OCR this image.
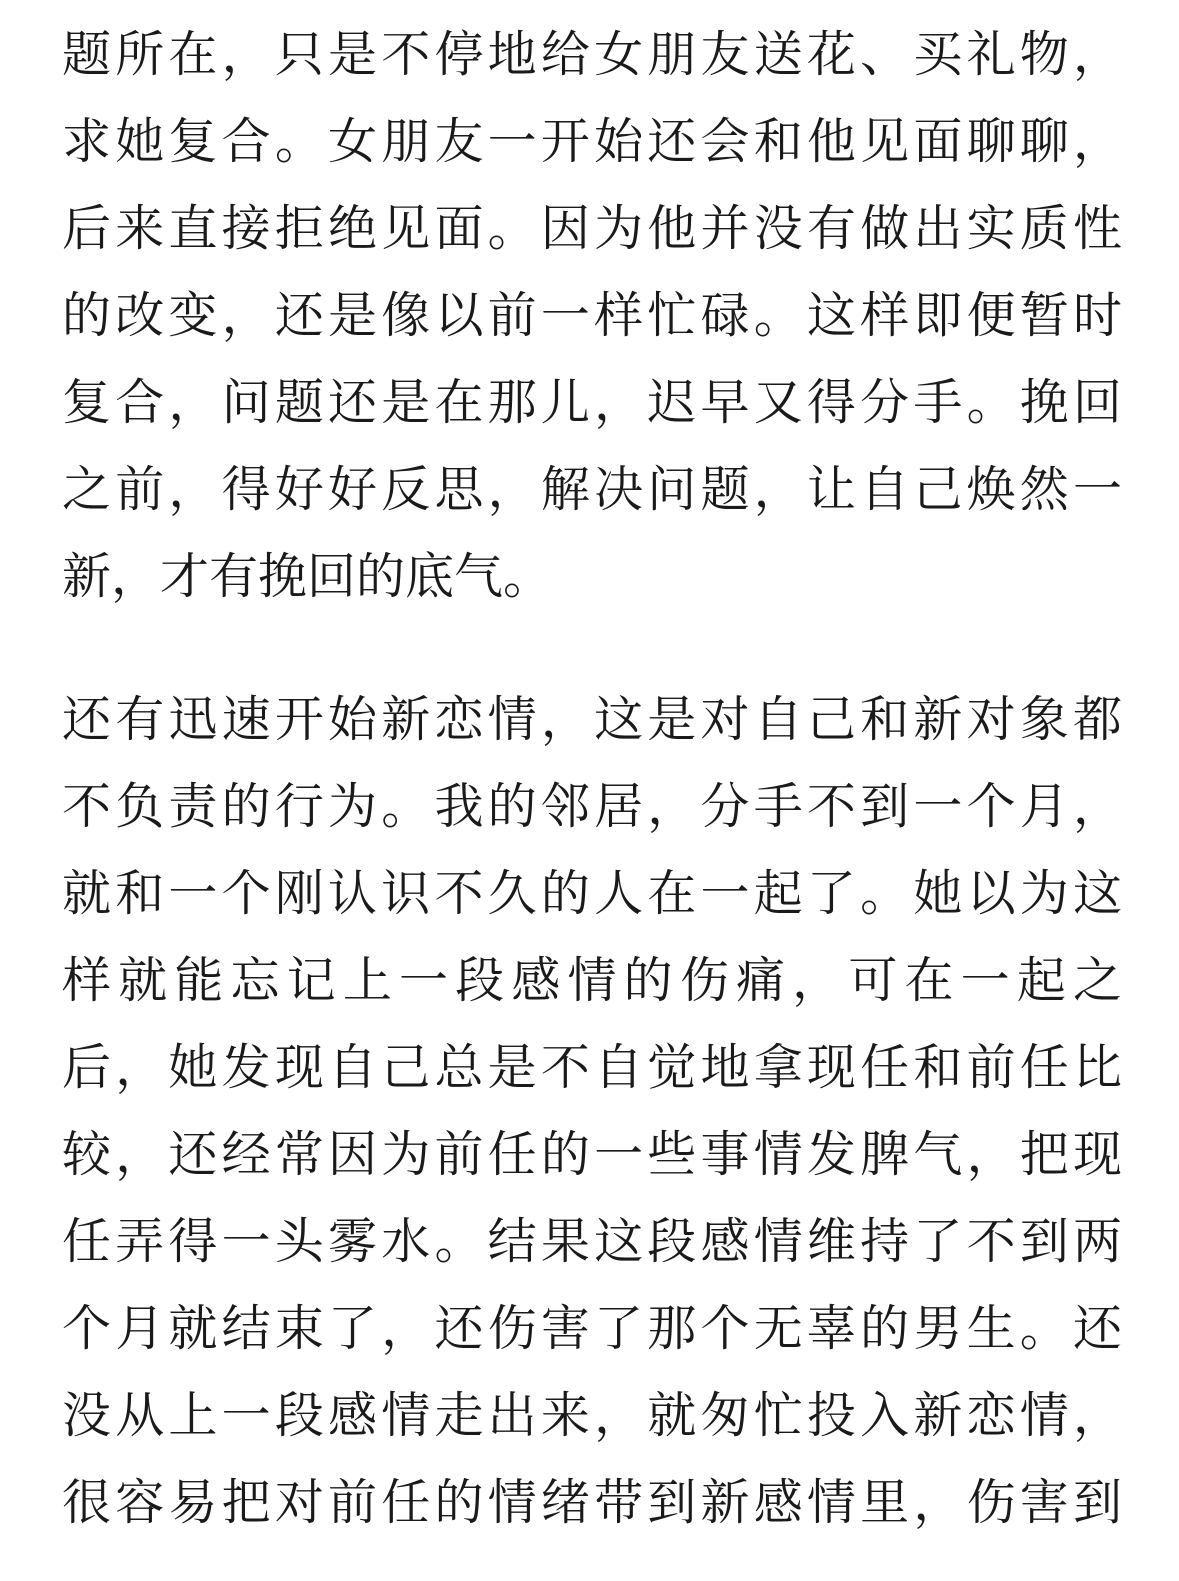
题所在，只是不停地给女朋友送花、买礼物，
求她复合。女朋友一开始还会和他见面聊聊，
后来直接拒绝见面。因为他并没有做出实质性
的改变，还是像以前一样忙碌。这样即便暂时
复合，问题还是在那儿，迟早又得分手。挽回
之前，得好好反思，解决问题，让自己焕然一
新，才有挽回的底气。
还有迅速开始新恋情，这是对自己和新对象都
不负责的行为。我的邻居，分手不到一个月，
就和一个刚认识不久的人在一起了。她以为这
样就能忘记上一段感情的伤痛，可在一起之
后，她发现自己总是不自觉地拿现任和前任比
较，还经常因为前任的一些事情发脾气，把现
任弄得一头雾水。结果这段感情维持了不到两
个月就结束了，还伤害了那个无辜的男生。还
没从上一段感情走出来，就匆忙投入新恋情，
很容易把对前任的情绪带到新感情里，伤害到
